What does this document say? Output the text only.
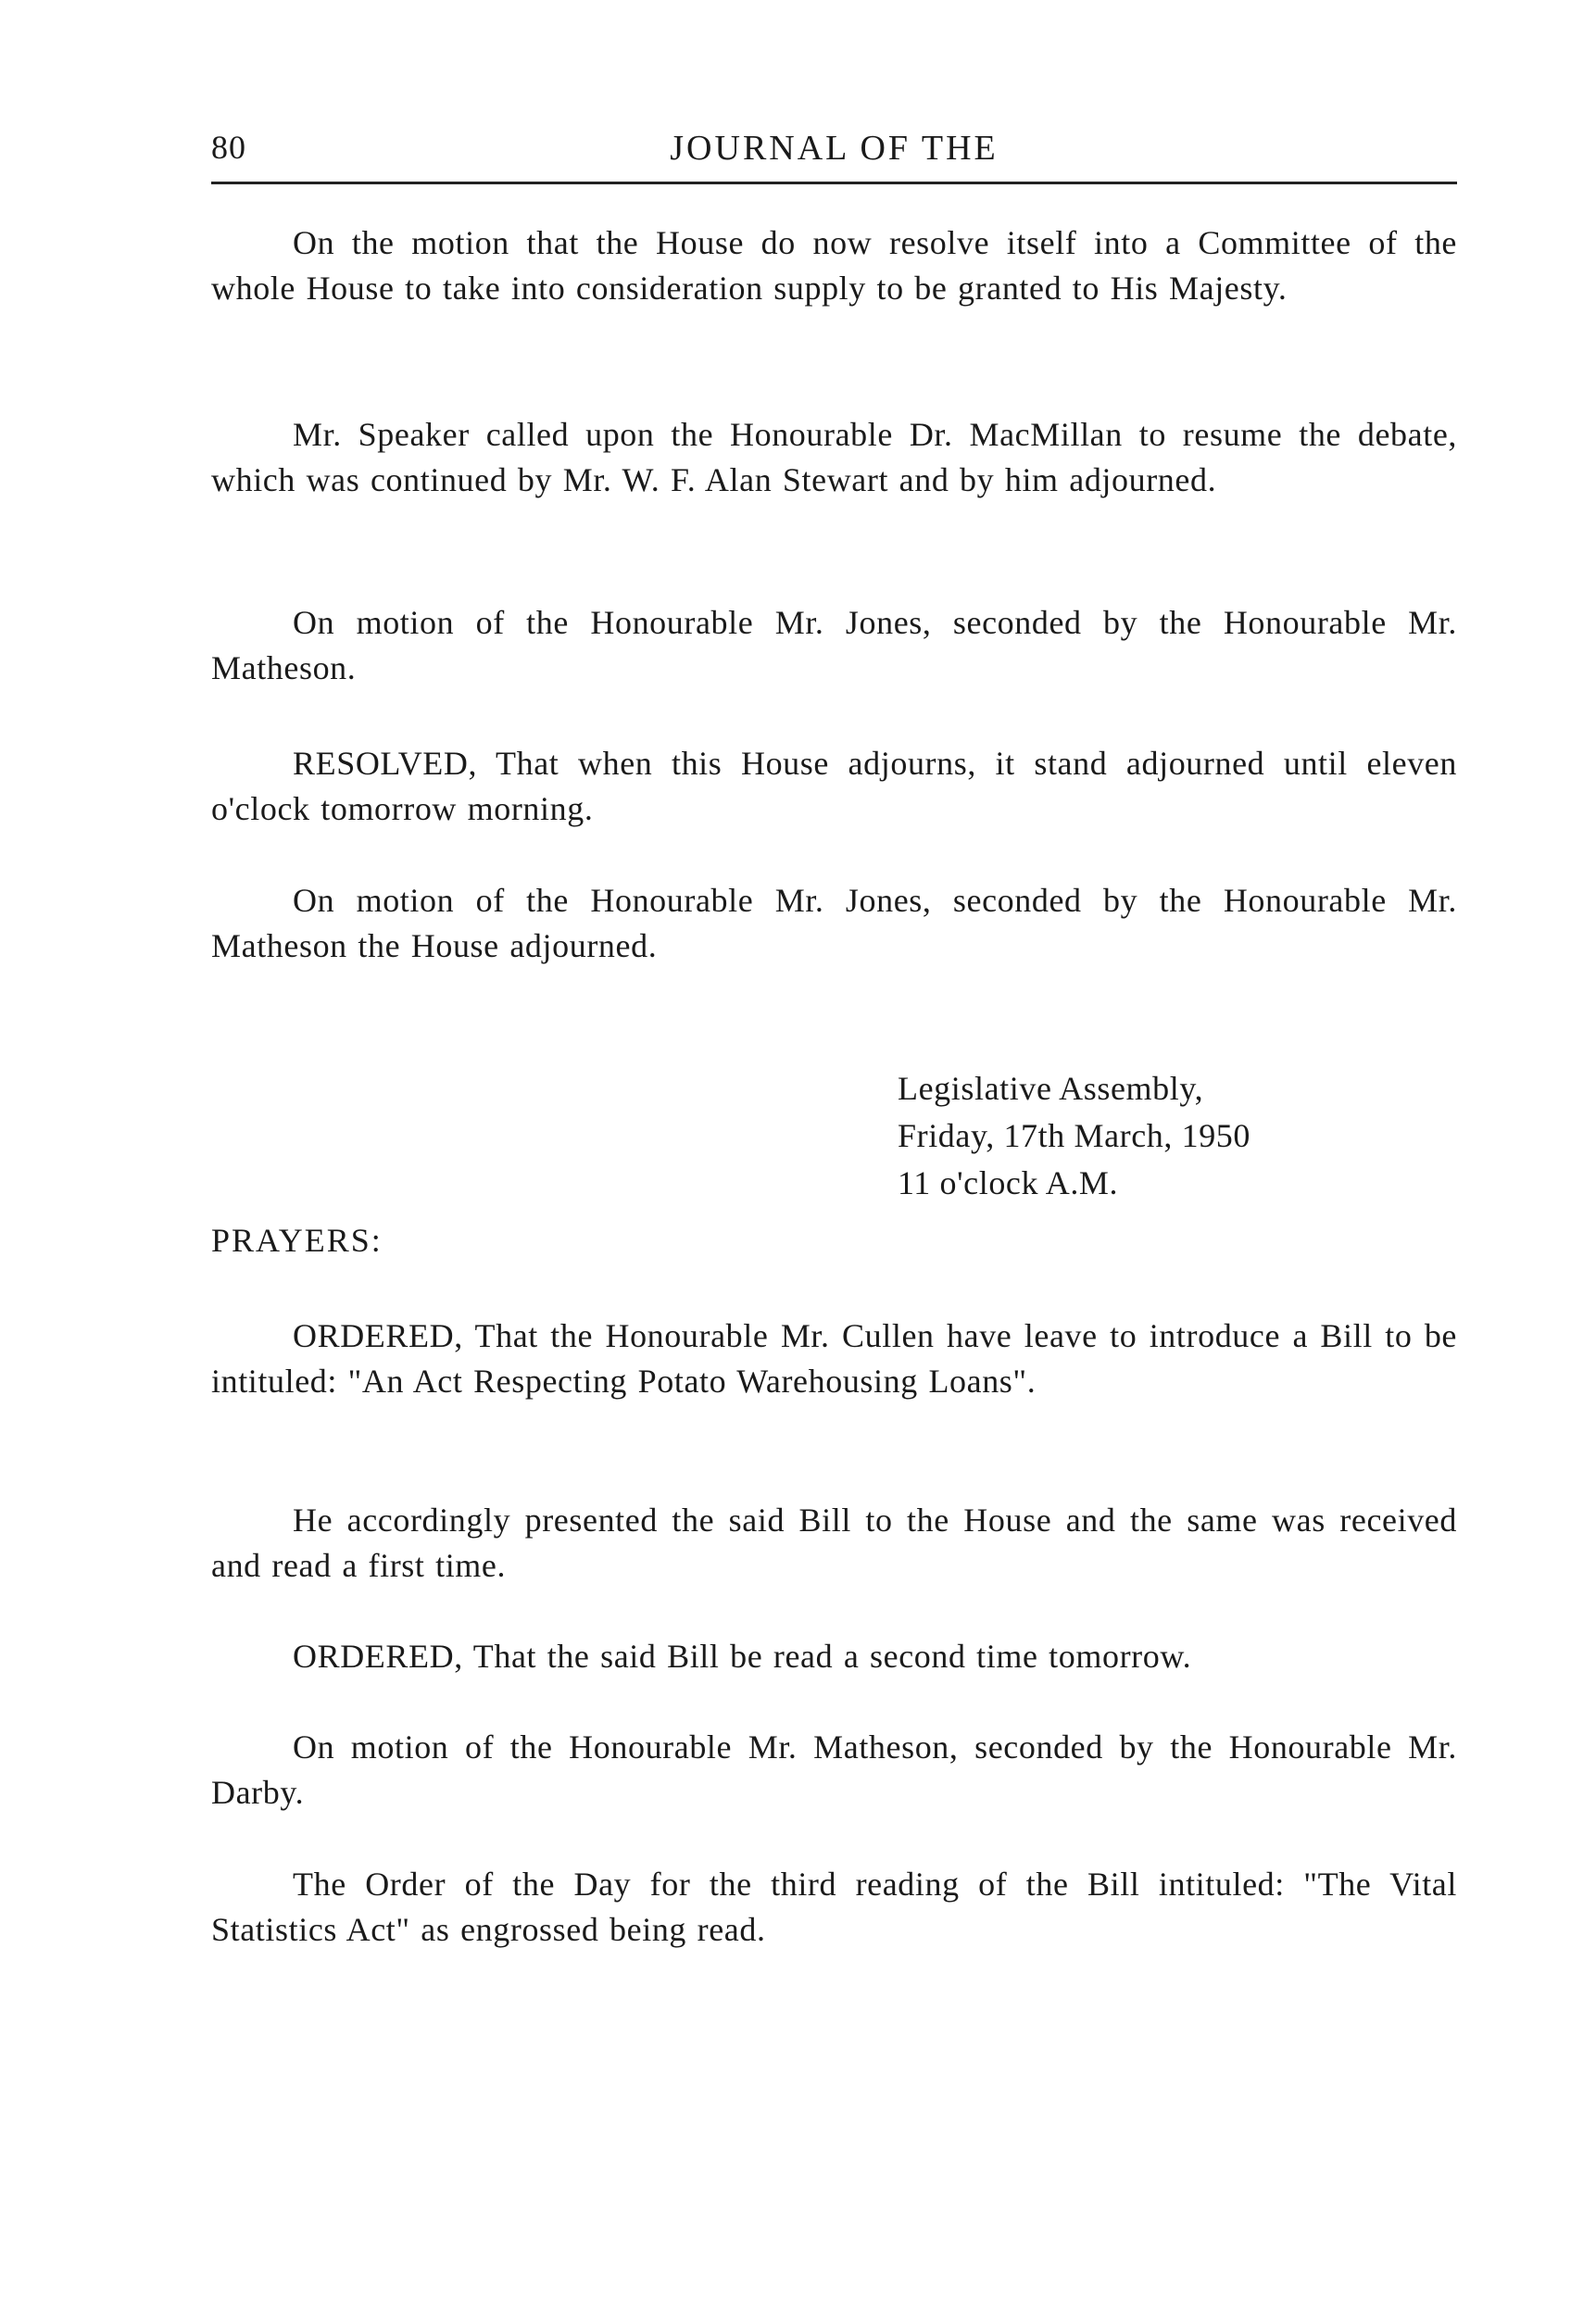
80	JOURNAL OF THE

On the motion that the House do now resolve itself into a Committee of the whole House to take into consideration supply to be granted to His Majesty.

Mr. Speaker called upon the Honourable Dr. MacMillan to resume the debate, which was continued by Mr. W. F. Alan Stewart and by him adjourned.

On motion of the Honourable Mr. Jones, seconded by the Honourable Mr. Matheson.

RESOLVED, That when this House adjourns, it stand adjourned until eleven o'clock tomorrow morning.

On motion of the Honourable Mr. Jones, seconded by the Honourable Mr. Matheson the House adjourned.

Legislative Assembly,
Friday, 17th March, 1950
11 o'clock A.M.
PRAYERS:

ORDERED, That the Honourable Mr. Cullen have leave to introduce a Bill to be intituled: "An Act Respecting Potato Warehousing Loans".

He accordingly presented the said Bill to the House and the same was received and read a first time.

ORDERED, That the said Bill be read a second time tomorrow.

On motion of the Honourable Mr. Matheson, seconded by the Honourable Mr. Darby.

The Order of the Day for the third reading of the Bill intituled: "The Vital Statistics Act" as engrossed being read.
